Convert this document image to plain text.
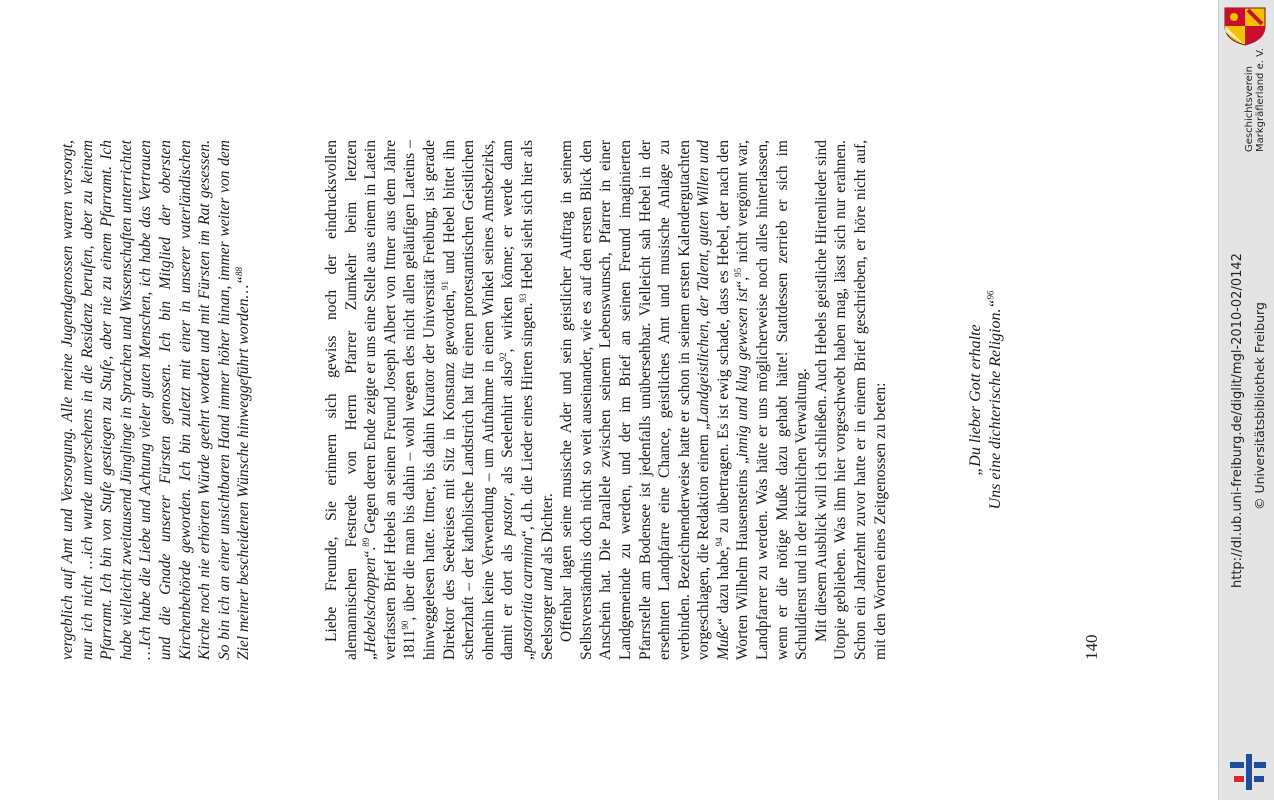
vergeblich auf Amt und Versorgung. Alle meine Jugendgenossen waren versorgt, nur ich nicht …ich wurde unversehens in die Residenz berufen, aber zu keinem Pfarramt. Ich bin von Stufe gestiegen zu Stufe, aber nie zu einem Pfarramt. Ich habe vielleicht zweitausend Jünglinge in Sprachen und Wissenschaften unterrichtet …Ich habe die Liebe und Achtung vieler guten Menschen, ich habe das Vertrauen und die Gnade unserer Fürsten genossen. Ich bin Mitglied der obersten Kirchenbehörde geworden. Ich bin zuletzt mit einer in unserer vaterländischen Kirche noch nie erhörten Würde geehrt worden und mit Fürsten im Rat gesessen. So bin ich an einer unsichtbaren Hand immer höher hinan, immer weiter von dem Ziel meiner bescheidenen Wünsche hinweggeführt worden…“$^{88}$	Liebe Freunde, Sie erinnern sich gewiss noch der eindrucksvollen alemannischen Festrede von Herrn Pfarrer Zumkehr beim letzten „Hebelschoppen“.$^{89}$ Gegen deren Ende zeigte er uns eine Stelle aus einem in Latein verfassten Brief Hebels an seinen Freund Joseph Albert von Ittner aus dem Jahre 1811$^{90}$, über die man bis dahin – wohl wegen des nicht allen geläufigen Lateins – hinweggelesen hatte. Ittner, bis dahin Kurator der Universität Freiburg, ist gerade Direktor des Seekreises mit Sitz in Konstanz geworden,$^{91}$ und Hebel bittet ihn scherzhaft – der katholische Landstrich hat für einen protestantischen Geistlichen ohnehin keine Verwendung – um Aufnahme in einen Winkel seines Amtsbezirks, damit er dort als pastor, als Seelenhirt also$^{92}$, wirken könne; er werde dann „pastoritia carmina“, d.h. die Lieder eines Hirten singen.$^{93}$ Hebel sieht sich hier als Seelsorger und als Dichter. Offenbar lagen seine musische Ader und sein geistlicher Auftrag in seinem Selbstverständnis doch nicht so weit auseinander, wie es auf den ersten Blick den Anschein hat. Die Parallele zwischen seinem Lebenswunsch, Pfarrer in einer Landgemeinde zu werden, und der im Brief an seinen Freund imaginierten Pfarrstelle am Bodensee ist jedenfalls unübersehbar. Vielleicht sah Hebel in der ersehnten Landpfarre eine Chance, geistliches Amt und musische Anlage zu verbinden. Bezeichnenderweise hatte er schon in seinem ersten Kalendergutachten vorgeschlagen, die Redaktion einem „Landgeistlichen, der Talent, guten Willen und Muße“ dazu habe,$^{94}$ zu übertragen. Es ist ewig schade, dass es Hebel, der nach den Worten Wilhelm Hausensteins „innig und klug gewesen ist“,$^{95}$ nicht vergönnt war, Landpfarrer zu werden. Was hätte er uns möglicherweise noch alles hinterlassen, wenn er die nötige Muße dazu gehabt hätte! Stattdessen zerrieb er sich im Schuldienst und in der kirchlichen Verwaltung. Mit diesem Ausblick will ich schließen. Auch Hebels geistliche Hirtenlieder sind Utopie geblieben. Was ihm hier vorgeschwebt haben mag, lässt sich nur erahnen. Schon ein Jahrzehnt zuvor hatte er in einem Brief geschrieben, er höre nicht auf, mit den Worten eines Zeitgenossen zu beten:	„Du lieber Gott erhalte Uns eine dichterische Religion.“$^{96}$
140
Geschichtsverein Markgräflerland e. V.
http://dl.ub.uni-freiburg.de/diglit/mgl-2010-02/0142 © Universitätsbibliothek Freiburg
